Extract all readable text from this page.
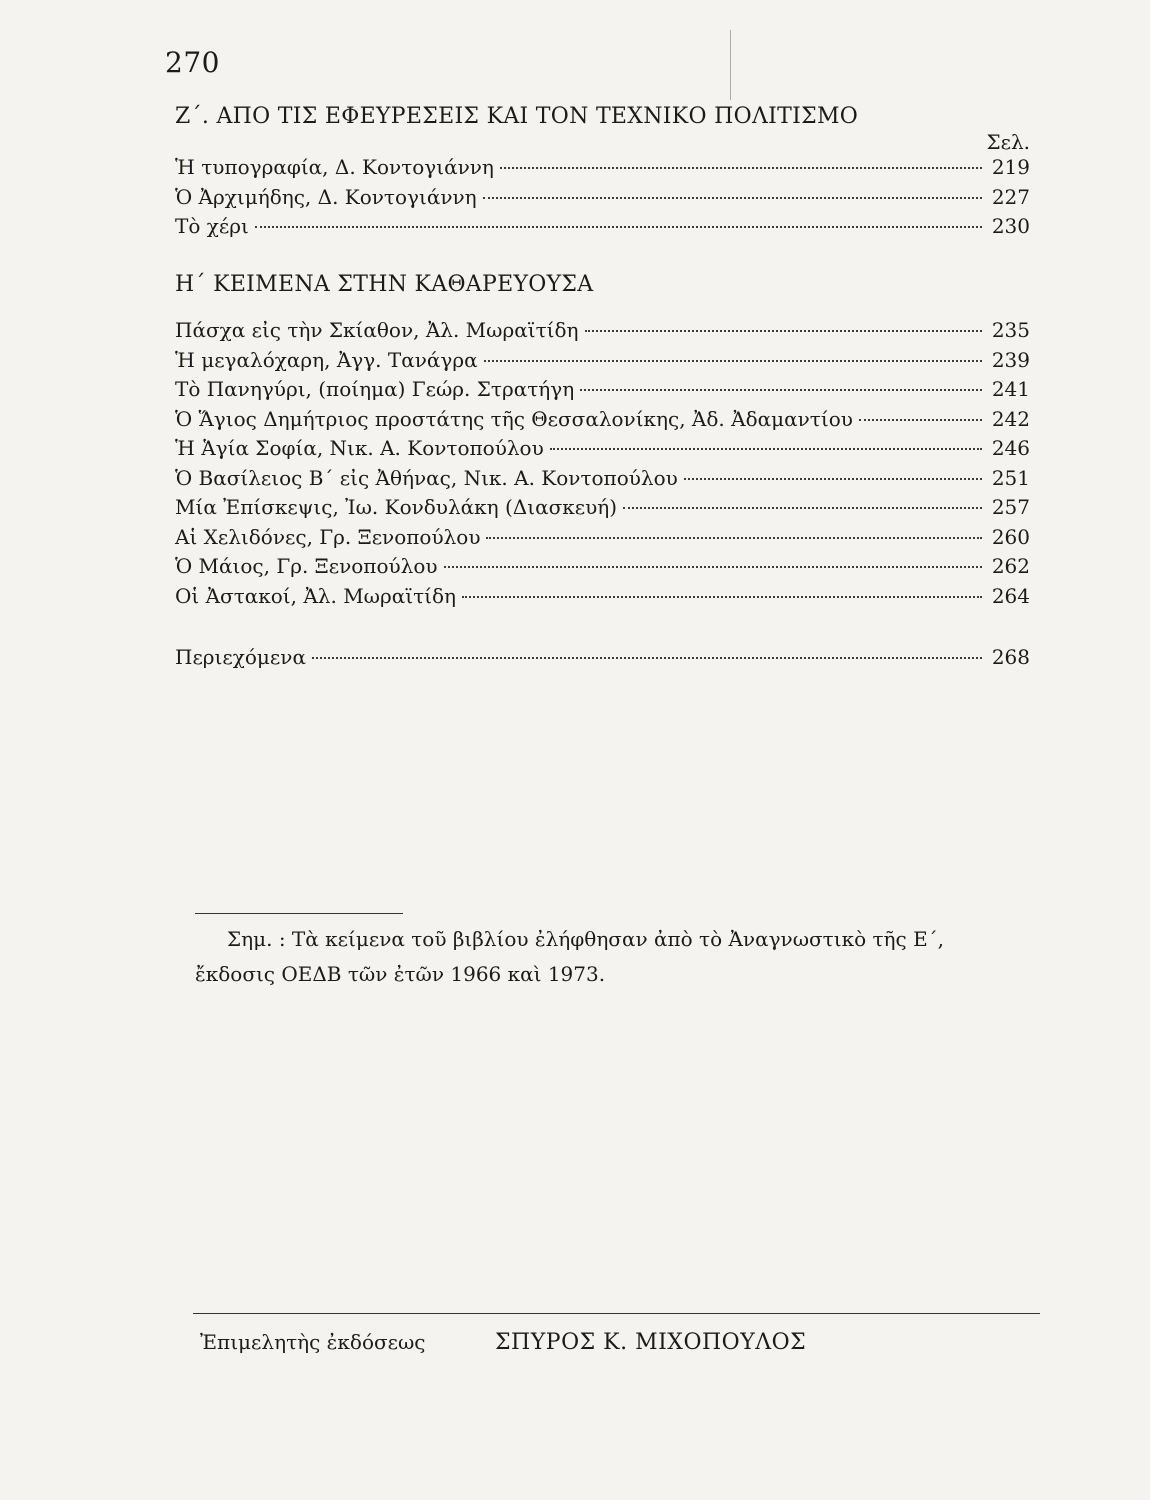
270
Ζ΄. ΑΠΟ ΤΙΣ ΕΦΕΥΡΕΣΕΙΣ ΚΑΙ ΤΟΝ ΤΕΧΝΙΚΟ ΠΟΛΙΤΙΣΜΟ
Σελ.
Ἡ τυπογραφία, Δ. Κοντογιάννη	219
Ὁ Ἀρχιμήδης, Δ. Κοντογιάννη	227
Τὸ χέρι	230
Η΄ ΚΕΙΜΕΝΑ ΣΤΗΝ ΚΑΘΑΡΕΥΟΥΣΑ
Πάσχα εἰς τὴν Σκίαθον, Ἀλ. Μωραϊτίδη	235
Ἡ μεγαλόχαρη, Ἀγγ. Τανάγρα	239
Τὸ Πανηγύρι, (ποίημα) Γεώρ. Στρατήγη	241
Ὁ Ἅγιος Δημήτριος προστάτης τῆς Θεσσαλονίκης, Ἀδ. Ἀδαμαντίου	242
Ἡ Ἁγία Σοφία, Νικ. Α. Κοντοπούλου	246
Ὁ Βασίλειος Β΄ εἰς Ἀθήνας, Νικ. Α. Κοντοπούλου	251
Μία Ἐπίσκεψις, Ἰω. Κονδυλάκη (Διασκευή)	257
Αἱ Χελιδόνες, Γρ. Ξενοπούλου	260
Ὁ Μάιος, Γρ. Ξενοπούλου	262
Οἱ Ἀστακοί, Ἀλ. Μωραϊτίδη	264
Περιεχόμενα	268
Σημ. : Τὰ κείμενα τοῦ βιβλίου ἐλήφθησαν ἀπὸ τὸ Ἀναγνωστικὸ τῆς Ε΄,
ἔκδοσις ΟΕΔΒ τῶν ἐτῶν 1966 καὶ 1973.
Ἐπιμελητὴς ἐκδόσεως	ΣΠΥΡΟΣ Κ. ΜΙΧΟΠΟΥΛΟΣ
